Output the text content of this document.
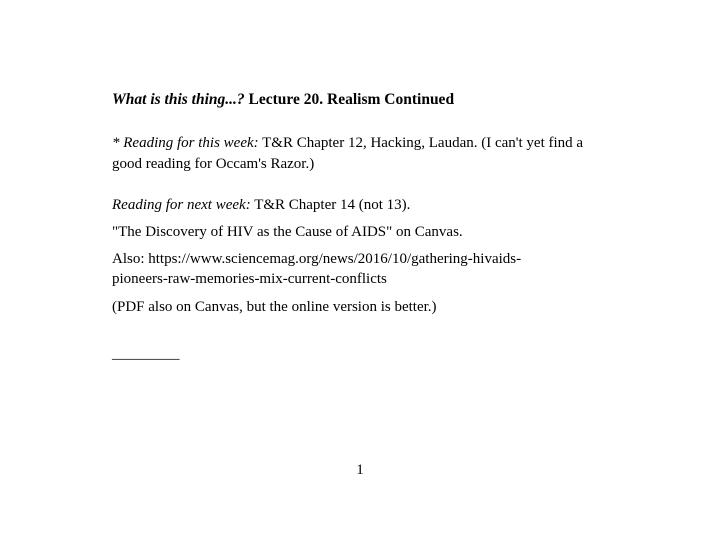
What is this thing...? Lecture 20. Realism Continued
* Reading for this week: T&R Chapter 12, Hacking, Laudan. (I can't yet find a good reading for Occam's Razor.)
Reading for next week: T&R Chapter 14 (not 13).
"The Discovery of HIV as the Cause of AIDS" on Canvas.
Also: https://www.sciencemag.org/news/2016/10/gathering-hivaids-
pioneers-raw-memories-mix-current-conflicts
(PDF also on Canvas, but the online version is better.)
_________
1
